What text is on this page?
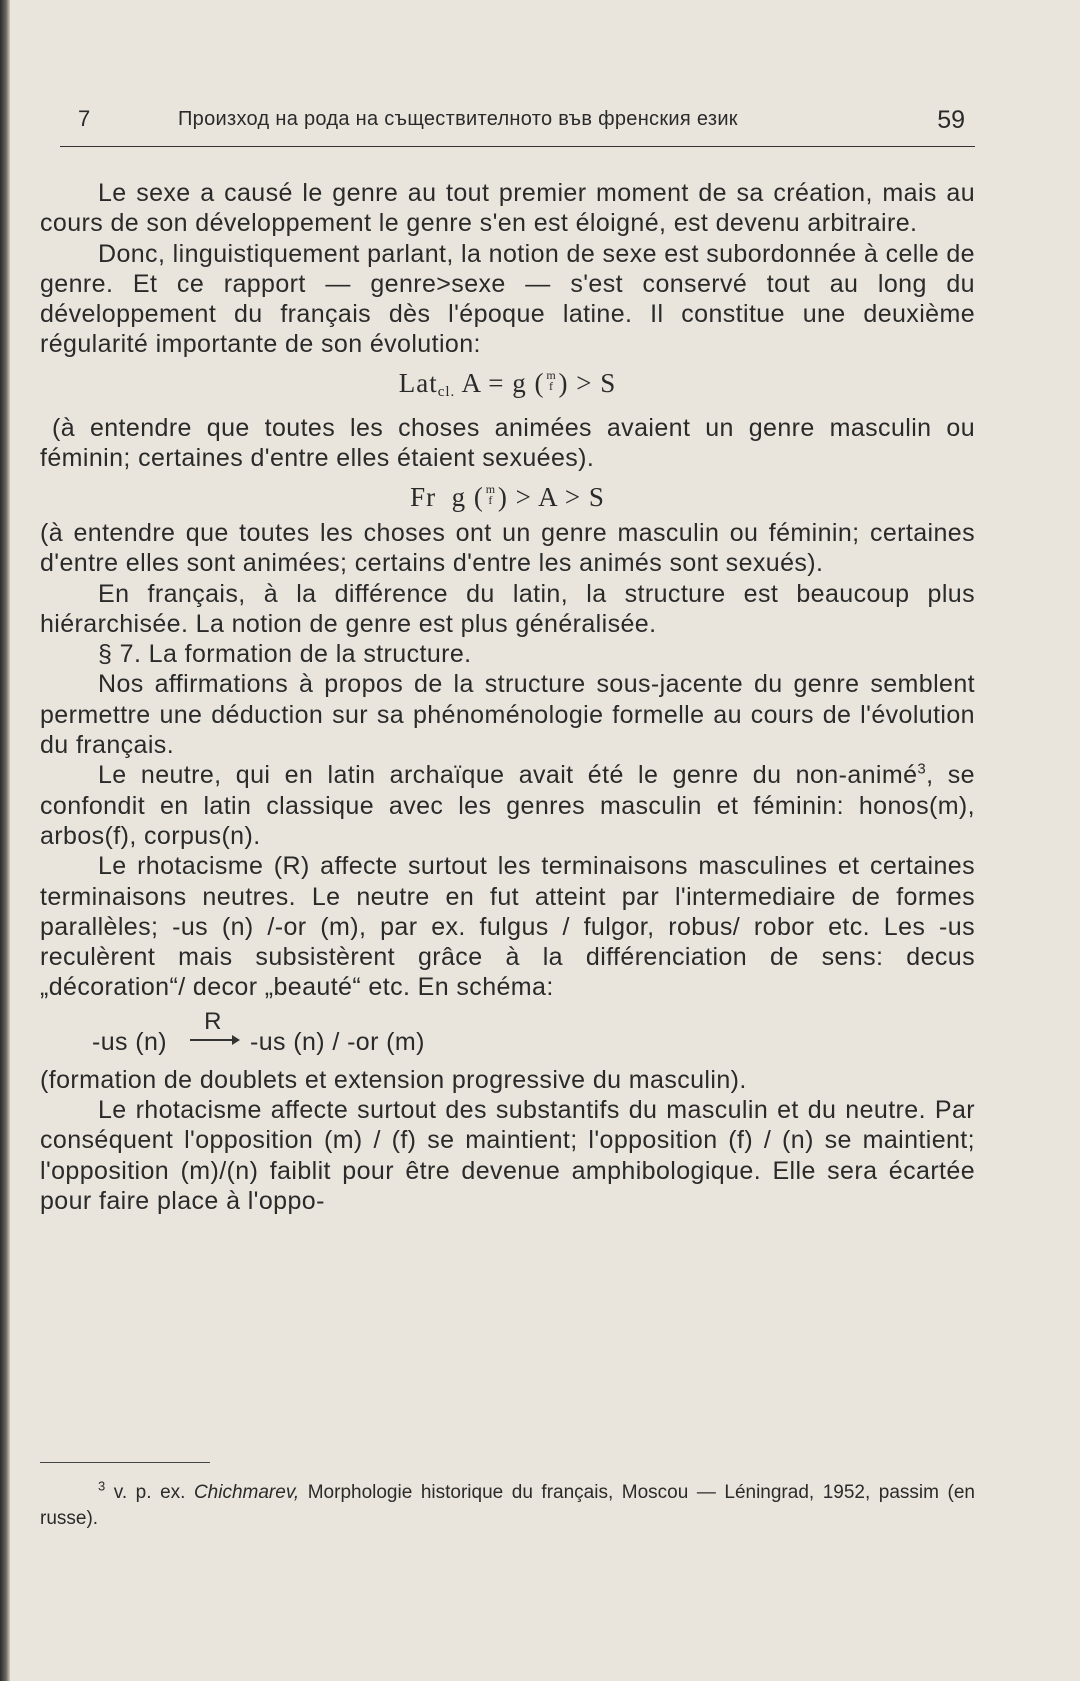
7	Произход на рода на съществителното във френския език	59

Le sexe a causé le genre au tout premier moment de sa création, mais au cours de son développement le genre s'en est éloigné, est devenu arbitraire.

Donc, linguistiquement parlant, la notion de sexe est subordonnée à celle de genre. Et ce rapport — genre>sexe — s'est conservé tout au long du développement du français dès l'époque latine. Il constitue une deuxième régularité importante de son évolution:

Lat$_{cl.}$ A = g ( m
f ) > S

(à entendre que toutes les choses animées avaient un genre masculin ou féminin; certaines d'entre elles étaient sexuées).

Fr  g ( m
f ) > A > S

(à entendre que toutes les choses ont un genre masculin ou féminin; certaines d'entre elles sont animées; certains d'entre les animés sont sexués).

En français, à la différence du latin, la structure est beaucoup plus hiérarchisée. La notion de genre est plus généralisée.

§ 7. La formation de la structure.

Nos affirmations à propos de la structure sous-jacente du genre semblent permettre une déduction sur sa phénoménologie formelle au cours de l'évolution du français.

Le neutre, qui en latin archaïque avait été le genre du non-animé$^3$, se confondit en latin classique avec les genres masculin et féminin: honos(m), arbos(f), corpus(n).

Le rhotacisme (R) affecte surtout les terminaisons masculines et certaines terminaisons neutres. Le neutre en fut atteint par l'intermediaire de formes parallèles; -us (n) /-or (m), par ex. fulgus / fulgor, robus/ robor etc. Les -us reculèrent mais subsistèrent grâce à la différenciation de sens: decus „décoration“/ decor „beauté“ etc. En schéma:

-us (n)
R
-us (n) / -or (m)

(formation de doublets et extension progressive du masculin).

Le rhotacisme affecte surtout des substantifs du masculin et du neutre. Par conséquent l'opposition (m) / (f) se maintient; l'opposition (f) / (n) se maintient; l'opposition (m)/(n) faiblit pour être devenue amphibologique. Elle sera écartée pour faire place à l'oppo-

$^3$ v. p. ex. Chichmarev, Morphologie historique du français, Moscou — Léningrad, 1952, passim (en russe).
